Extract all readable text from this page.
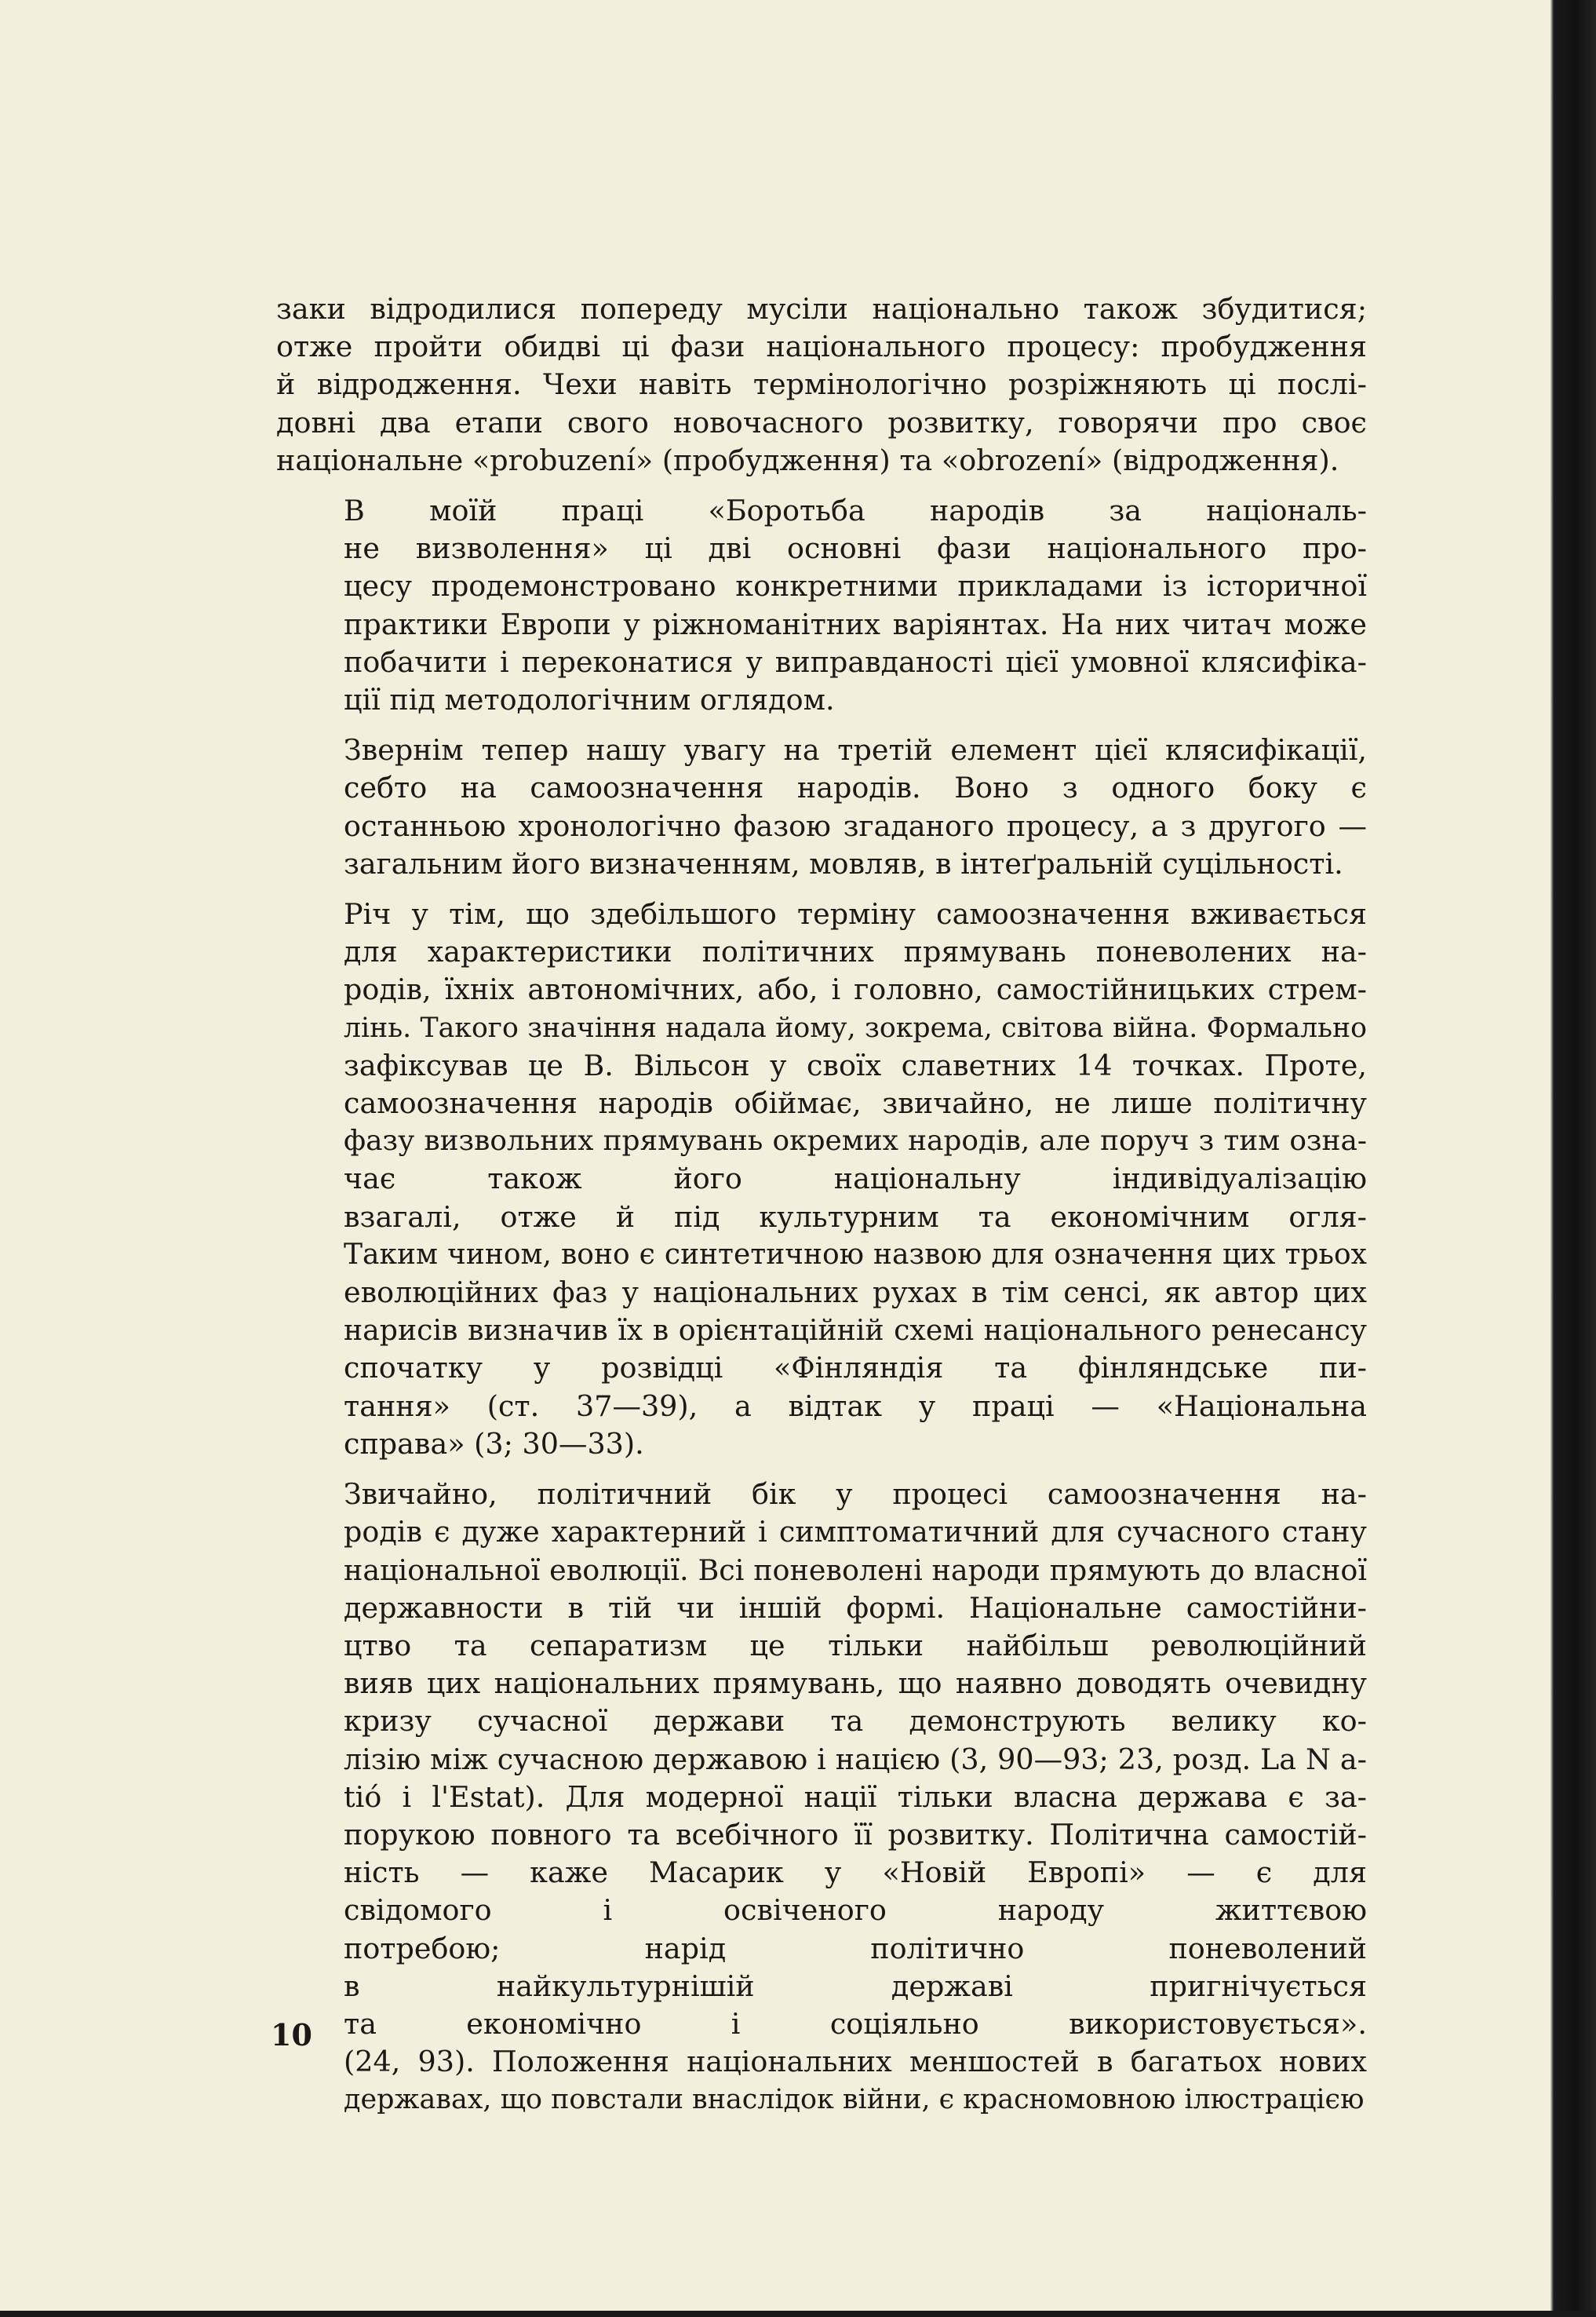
заки відродилися попереду мусіли національно також збудитися;
отже пройти обидві ці фази національного процесу: пробудження
й відродження. Чехи навіть термінологічно розріжняють ці послі-
довні два етапи свого новочасного розвитку, говорячи про своє
національне «probuzení» (пробудження) та «obrození» (відродження).

В моїй праці «Боротьба народів за національ-
не визволення» ці дві основні фази національного про-
цесу продемонстровано конкретними прикладами із історичної
практики Европи у ріжноманітних варіянтах. На них читач може
побачити і переконатися у виправданості цієї умовної клясифіка-
ції під методологічним оглядом.

Звернім тепер нашу увагу на третій елемент цієї клясифікації,
себто на самоозначення народів. Воно з одного боку є
останньою хронологічно фазою згаданого процесу, а з другого —
загальним його визначенням, мовляв, в інтеґральній суцільності.

Річ у тім, що здебільшого терміну самоозначення вживається
для характеристики політичних прямувань поневолених на-
родів, їхніх автономічних, або, і головно, самостійницьких стрем-
лінь. Такого значіння надала йому, зокрема, світова війна. Формально
зафіксував це В. Вільсон у своїх славетних 14 точках. Проте,
самоозначення народів обіймає, звичайно, не лише політичну
фазу визвольних прямувань окремих народів, але поруч з тим озна-
чає також його національну індивідуалізацію
взагалі, отже й під культурним та економічним огля-
Таким чином, воно є синтетичною назвою для означення цих трьох
еволюційних фаз у національних рухах в тім сенсі, як автор цих
нарисів визначив їх в орієнтаційній схемі національного ренесансу
спочатку у розвідці «Фінляндія та фінляндське пи-
тання» (ст. 37—39), а відтак у праці — «Національна
справа» (3; 30—33).

Звичайно, політичний бік у процесі самоозначення на-
родів є дуже характерний і симптоматичний для сучасного стану
національної еволюції. Всі поневолені народи прямують до власної
державности в тій чи іншій формі. Національне самостійни-
цтво та сепаратизм це тільки найбільш революційний
вияв цих національних прямувань, що наявно доводять очевидну
кризу сучасної держави та демонструють велику ко-
лізію між сучасною державою і нацією (3, 90—93; 23, розд. La N a-
tió i l'Estat). Для модерної нації тільки власна держава є за-
порукою повного та всебічного її розвитку. Політична самостій-
ність — каже Масарик у «Новій Европі» — є для
свідомого і освіченого народу життєвою
потребою; нарід політично поневолений
в найкультурнішій державі пригнічується
та економічно і соціяльно використовується».
(24, 93). Положення національних меншостей в багатьох нових
державах, що повстали внаслідок війни, є красномовною ілюстрацією

10
